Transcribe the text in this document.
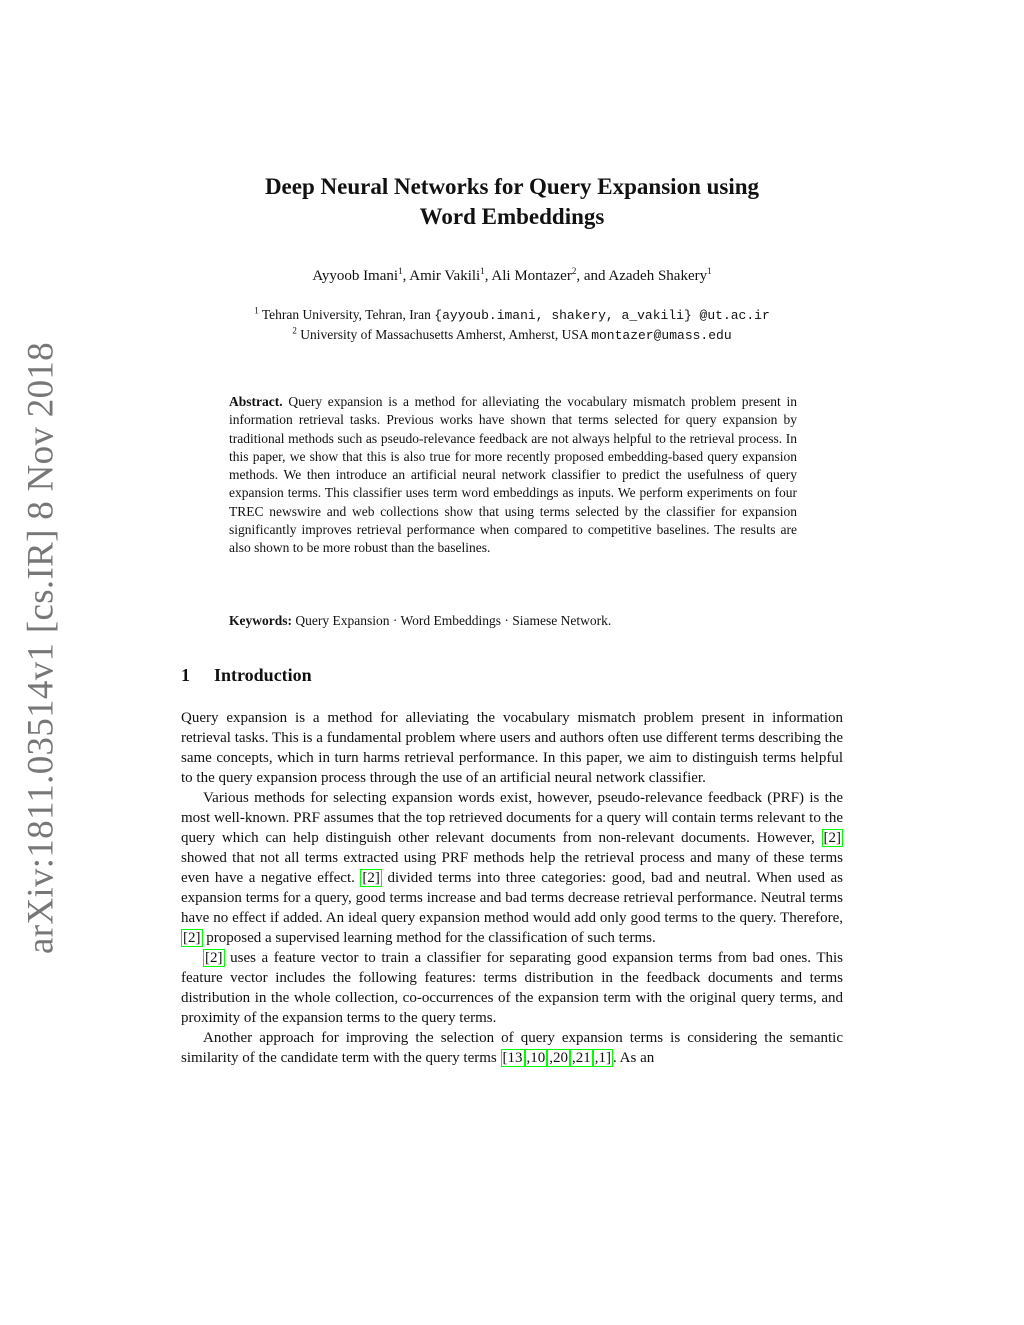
arXiv:1811.03514v1 [cs.IR] 8 Nov 2018
Deep Neural Networks for Query Expansion using
Word Embeddings
Ayyoob Imani$^1$, Amir Vakili$^1$, Ali Montazer$^2$, and Azadeh Shakery$^1$
$^1$ Tehran University, Tehran, Iran {ayyoub.imani, shakery, a_vakili} @ut.ac.ir
$^2$ University of Massachusetts Amherst, Amherst, USA montazer@umass.edu
Abstract. Query expansion is a method for alleviating the vocabulary mismatch problem present in information retrieval tasks. Previous works have shown that terms selected for query expansion by traditional methods such as pseudo-relevance feedback are not always helpful to the retrieval process. In this paper, we show that this is also true for more recently proposed embedding-based query expansion methods. We then introduce an artificial neural network classifier to predict the usefulness of query expansion terms. This classifier uses term word embeddings as inputs. We perform experiments on four TREC newswire and web collections show that using terms selected by the classifier for expansion significantly improves retrieval performance when compared to competitive baselines. The results are also shown to be more robust than the baselines.
Keywords: Query Expansion · Word Embeddings · Siamese Network.
1 Introduction

Query expansion is a method for alleviating the vocabulary mismatch problem present in information retrieval tasks. This is a fundamental problem where users and authors often use different terms describing the same concepts, which in turn harms retrieval performance. In this paper, we aim to distinguish terms helpful to the query expansion process through the use of an artificial neural network classifier.

Various methods for selecting expansion words exist, however, pseudo-relevance feedback (PRF) is the most well-known. PRF assumes that the top retrieved documents for a query will contain terms relevant to the query which can help distinguish other relevant documents from non-relevant documents. However, [2] showed that not all terms extracted using PRF methods help the retrieval process and many of these terms even have a negative effect. [2] divided terms into three categories: good, bad and neutral. When used as expansion terms for a query, good terms increase and bad terms decrease retrieval performance. Neutral terms have no effect if added. An ideal query expansion method would add only good terms to the query. Therefore, [2] proposed a supervised learning method for the classification of such terms.

[2] uses a feature vector to train a classifier for separating good expansion terms from bad ones. This feature vector includes the following features: terms distribution in the feedback documents and terms distribution in the whole collection, co-occurrences of the expansion term with the original query terms, and proximity of the expansion terms to the query terms.

Another approach for improving the selection of query expansion terms is considering the semantic similarity of the candidate term with the query terms [13 ,10 ,20 ,21 ,1] . As an
